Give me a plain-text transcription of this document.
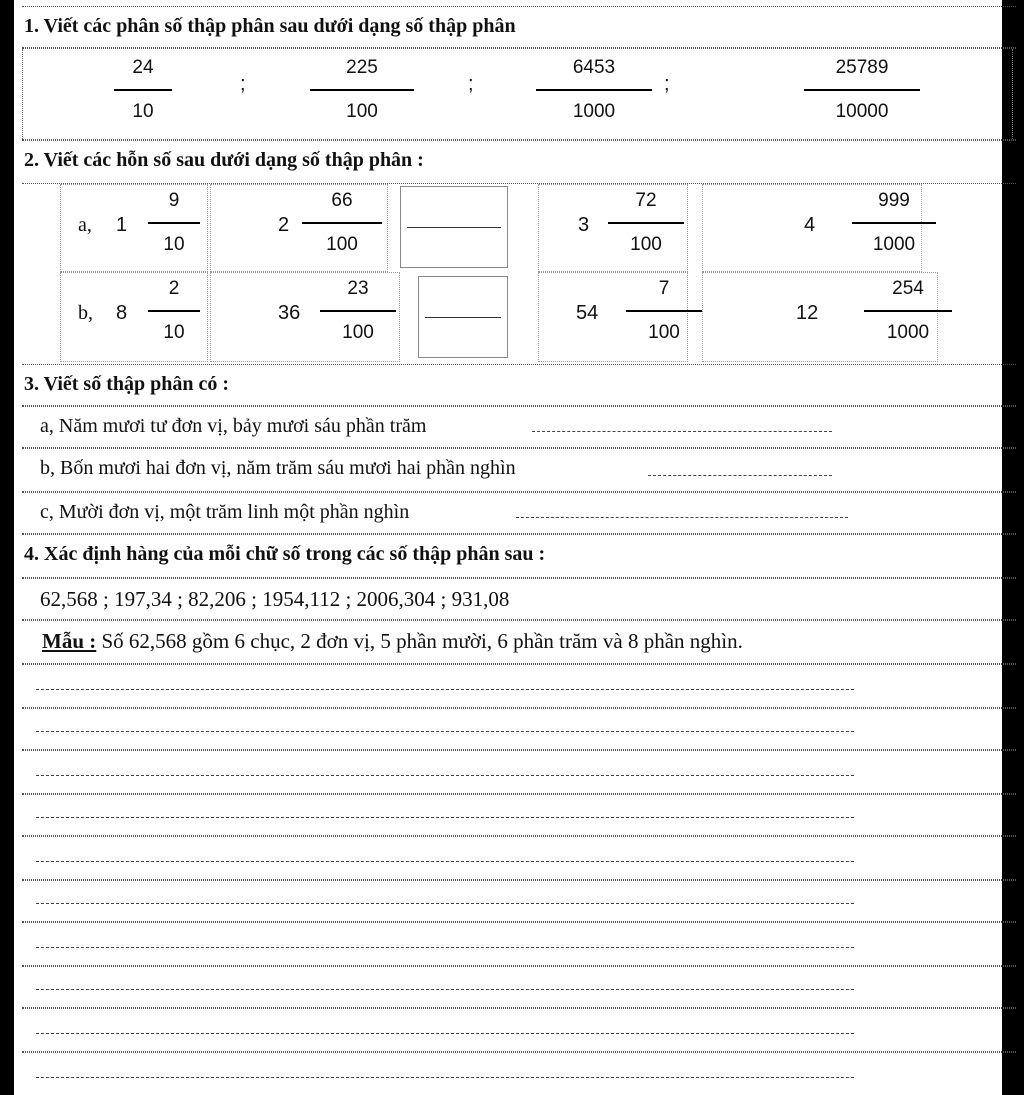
1. Viết các phân số thập phân sau dưới dạng số thập phân
24
10
;
225
100
;
6453
1000
;
25789
10000
2. Viết các hỗn số sau dưới dạng số thập phân :
a, 1
9
10
2
66
100
3
72
100
4
999
1000
b, 8
2
10
36
23
100
54
7
100
12
254
1000
3. Viết số thập phân có :
a, Năm mươi tư đơn vị, bảy mươi sáu phần trăm
b, Bốn mươi hai đơn vị, năm trăm sáu mươi hai phần nghìn
c, Mười đơn vị, một trăm linh một phần nghìn
4. Xác định hàng của mỗi chữ số trong các số thập phân sau :
62,568 ; 197,34 ; 82,206 ; 1954,112 ; 2006,304 ; 931,08
Mẫu : Số 62,568 gồm 6 chục, 2 đơn vị, 5 phần mười, 6 phần trăm và 8 phần nghìn.
